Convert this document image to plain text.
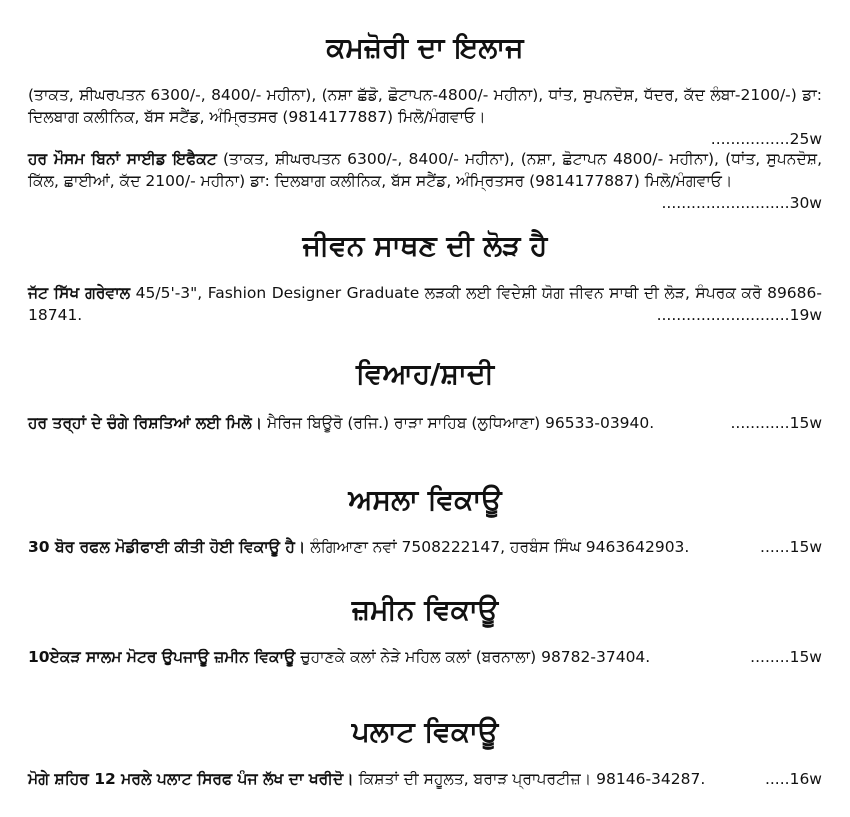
ਕਮਜ਼ੋਰੀ ਦਾ ਇਲਾਜ

(ਤਾਕਤ, ਸ਼ੀਘਰਪਤਨ 6300/-, 8400/- ਮਹੀਨਾ), (ਨਸ਼ਾ ਛੱਡੋ, ਛੋਟਾਪਨ-4800/- ਮਹੀਨਾ), ਧਾਂਤ, ਸੁਪਨਦੋਸ਼, ਧੱਦਰ, ਕੱਦ ਲੰਬਾ-2100/-) ਡਾ: ਦਿਲਬਾਗ ਕਲੀਨਿਕ, ਬੱਸ ਸਟੈਂਡ, ਅੰਮ੍ਰਿਤਸਰ (9814177887) ਮਿਲੋ/ਮੰਗਵਾਓ।
................25w

ਹਰ ਮੌਸਮ ਬਿਨਾਂ ਸਾਈਡ ਇਫੈਕਟ (ਤਾਕਤ, ਸ਼ੀਘਰਪਤਨ 6300/-, 8400/- ਮਹੀਨਾ), (ਨਸ਼ਾ, ਛੋਟਾਪਨ 4800/- ਮਹੀਨਾ), (ਧਾਂਤ, ਸੁਪਨਦੋਸ਼, ਕਿੱਲ, ਛਾਈਆਂ, ਕੱਦ 2100/- ਮਹੀਨਾ) ਡਾ: ਦਿਲਬਾਗ ਕਲੀਨਿਕ, ਬੱਸ ਸਟੈਂਡ, ਅੰਮ੍ਰਿਤਸਰ (9814177887) ਮਿਲੋ/ਮੰਗਵਾਓ।
..........................30w

ਜੀਵਨ ਸਾਥਣ ਦੀ ਲੋੜ ਹੈ

ਜੱਟ ਸਿੱਖ ਗਰੇਵਾਲ 45/5'-3", Fashion Designer Graduate ਲੜਕੀ ਲਈ ਵਿਦੇਸ਼ੀ ਯੋਗ ਜੀਵਨ ਸਾਥੀ ਦੀ ਲੋੜ, ਸੰਪਰਕ ਕਰੋ 89686-18741.	...........................19w

ਵਿਆਹ/ਸ਼ਾਦੀ

ਹਰ ਤਰ੍ਹਾਂ ਦੇ ਚੰਗੇ ਰਿਸ਼ਤਿਆਂ ਲਈ ਮਿਲੋ। ਮੈਰਿਜ ਬਿਊਰੋ (ਰਜਿ.) ਰਾੜਾ ਸਾਹਿਬ (ਲੁਧਿਆਣਾ) 96533-03940.	............15w

ਅਸਲਾ ਵਿਕਾਊ

30 ਬੋਰ ਰਫਲ ਮੋਡੀਫਾਈ ਕੀਤੀ ਹੋਈ ਵਿਕਾਊ ਹੈ। ਲੰਗਿਆਣਾ ਨਵਾਂ 7508222147, ਹਰਬੰਸ ਸਿੰਘ 9463642903.	......15w

ਜ਼ਮੀਨ ਵਿਕਾਊ

10ਏਕੜ ਸਾਲਮ ਮੋਟਰ ਉਪਜਾਊ ਜ਼ਮੀਨ ਵਿਕਾਊ ਚੁਹਾਣਕੇ ਕਲਾਂ ਨੇੜੇ ਮਹਿਲ ਕਲਾਂ (ਬਰਨਾਲਾ) 98782-37404.	........15w

ਪਲਾਟ ਵਿਕਾਊ

ਮੋਗੇ ਸ਼ਹਿਰ 12 ਮਰਲੇ ਪਲਾਟ ਸਿਰਫ ਪੰਜ ਲੱਖ ਦਾ ਖਰੀਦੋ। ਕਿਸ਼ਤਾਂ ਦੀ ਸਹੂਲਤ, ਬਰਾੜ ਪ੍ਰਾਪਰਟੀਜ਼। 98146-34287.	.....16w
